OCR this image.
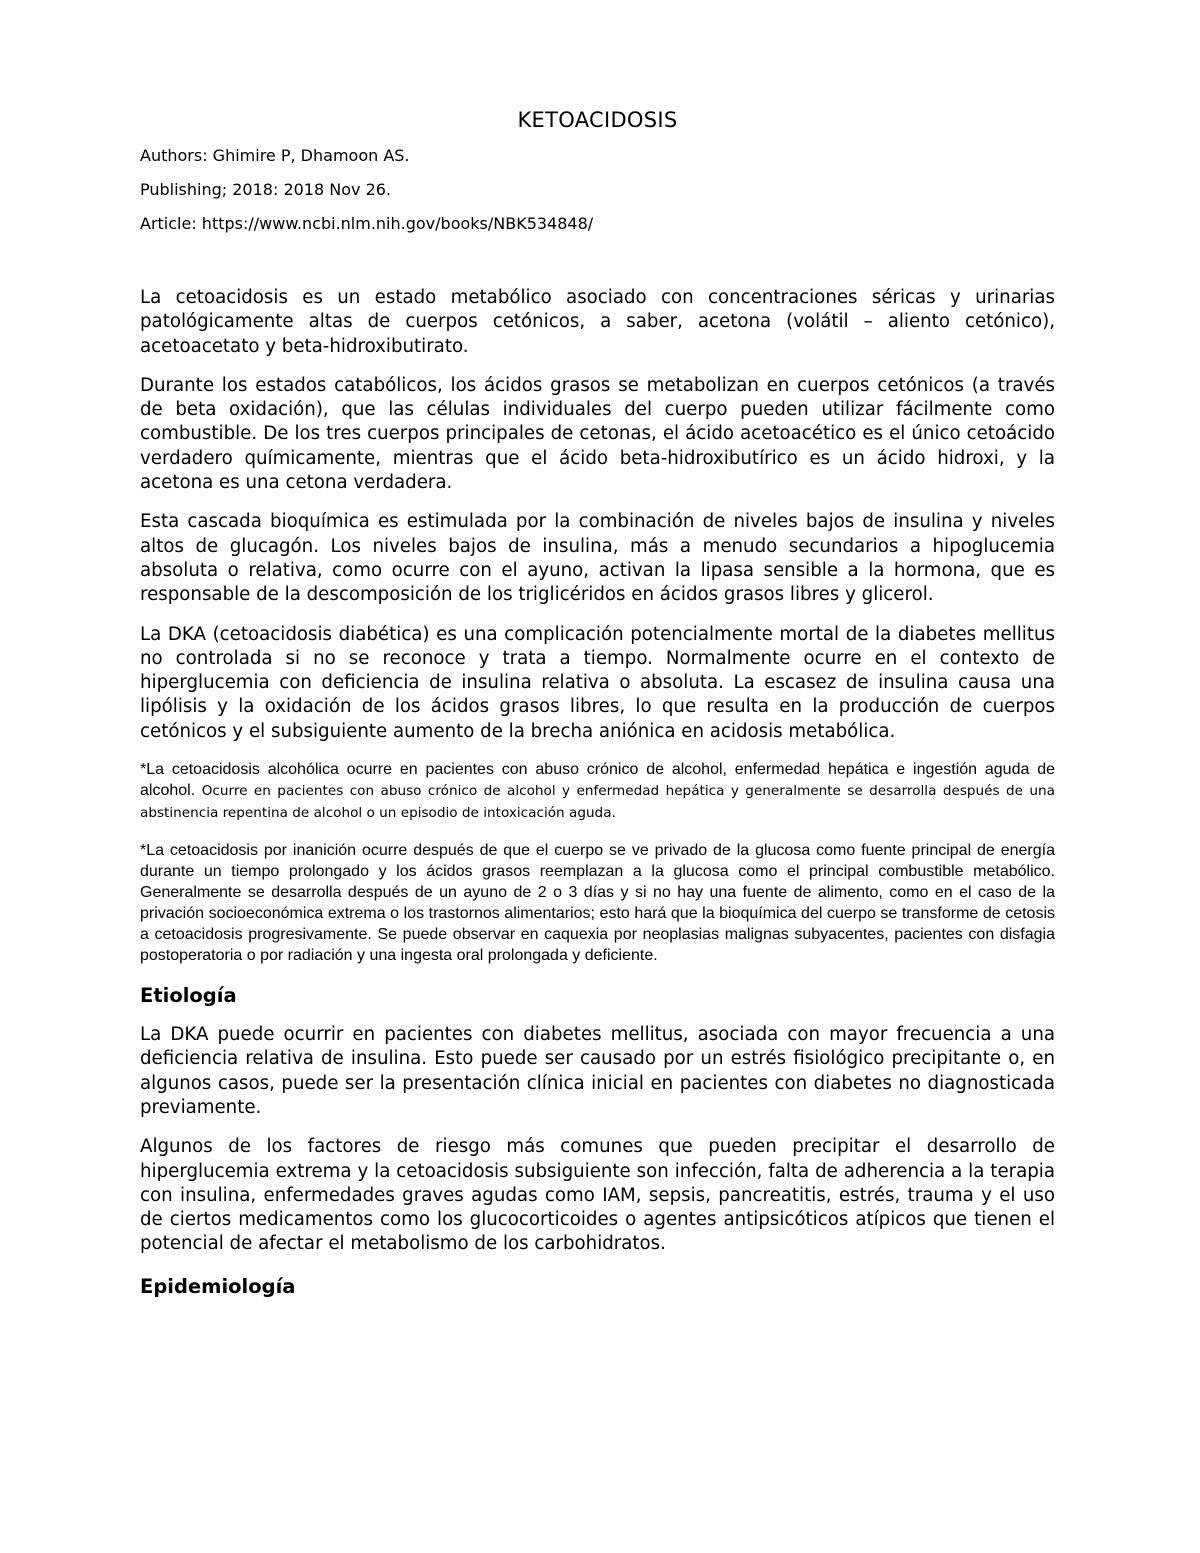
KETOACIDOSIS
Authors: Ghimire P, Dhamoon AS.
Publishing; 2018: 2018 Nov 26.
Article: https://www.ncbi.nlm.nih.gov/books/NBK534848/

La cetoacidosis es un estado metabólico asociado con concentraciones séricas y urinarias patológicamente altas de cuerpos cetónicos, a saber, acetona (volátil – aliento cetónico), acetoacetato y beta-hidroxibutirato.

Durante los estados catabólicos, los ácidos grasos se metabolizan en cuerpos cetónicos (a través de beta oxidación), que las células individuales del cuerpo pueden utilizar fácilmente como combustible. De los tres cuerpos principales de cetonas, el ácido acetoacético es el único cetoácido verdadero químicamente, mientras que el ácido beta-hidroxibutírico es un ácido hidroxi, y la acetona es una cetona verdadera.

Esta cascada bioquímica es estimulada por la combinación de niveles bajos de insulina y niveles altos de glucagón. Los niveles bajos de insulina, más a menudo secundarios a hipoglucemia absoluta o relativa, como ocurre con el ayuno, activan la lipasa sensible a la hormona, que es responsable de la descomposición de los triglicéridos en ácidos grasos libres y glicerol.

La DKA (cetoacidosis diabética) es una complicación potencialmente mortal de la diabetes mellitus no controlada si no se reconoce y trata a tiempo. Normalmente ocurre en el contexto de hiperglucemia con deficiencia de insulina relativa o absoluta. La escasez de insulina causa una lipólisis y la oxidación de los ácidos grasos libres, lo que resulta en la producción de cuerpos cetónicos y el subsiguiente aumento de la brecha aniónica en acidosis metabólica.

*La cetoacidosis alcohólica ocurre en pacientes con abuso crónico de alcohol, enfermedad hepática e ingestión aguda de alcohol. Ocurre en pacientes con abuso crónico de alcohol y enfermedad hepática y generalmente se desarrolla después de una abstinencia repentina de alcohol o un episodio de intoxicación aguda.

*La cetoacidosis por inanición ocurre después de que el cuerpo se ve privado de la glucosa como fuente principal de energía durante un tiempo prolongado y los ácidos grasos reemplazan a la glucosa como el principal combustible metabólico. Generalmente se desarrolla después de un ayuno de 2 o 3 días y si no hay una fuente de alimento, como en el caso de la privación socioeconómica extrema o los trastornos alimentarios; esto hará que la bioquímica del cuerpo se transforme de cetosis a cetoacidosis progresivamente. Se puede observar en caquexia por neoplasias malignas subyacentes, pacientes con disfagia postoperatoria o por radiación y una ingesta oral prolongada y deficiente.

Etiología

La DKA puede ocurrir en pacientes con diabetes mellitus, asociada con mayor frecuencia a una deficiencia relativa de insulina. Esto puede ser causado por un estrés fisiológico precipitante o, en algunos casos, puede ser la presentación clínica inicial en pacientes con diabetes no diagnosticada previamente.

Algunos de los factores de riesgo más comunes que pueden precipitar el desarrollo de hiperglucemia extrema y la cetoacidosis subsiguiente son infección, falta de adherencia a la terapia con insulina, enfermedades graves agudas como IAM, sepsis, pancreatitis, estrés, trauma y el uso de ciertos medicamentos como los glucocorticoides o agentes antipsicóticos atípicos que tienen el potencial de afectar el metabolismo de los carbohidratos.

Epidemiología
